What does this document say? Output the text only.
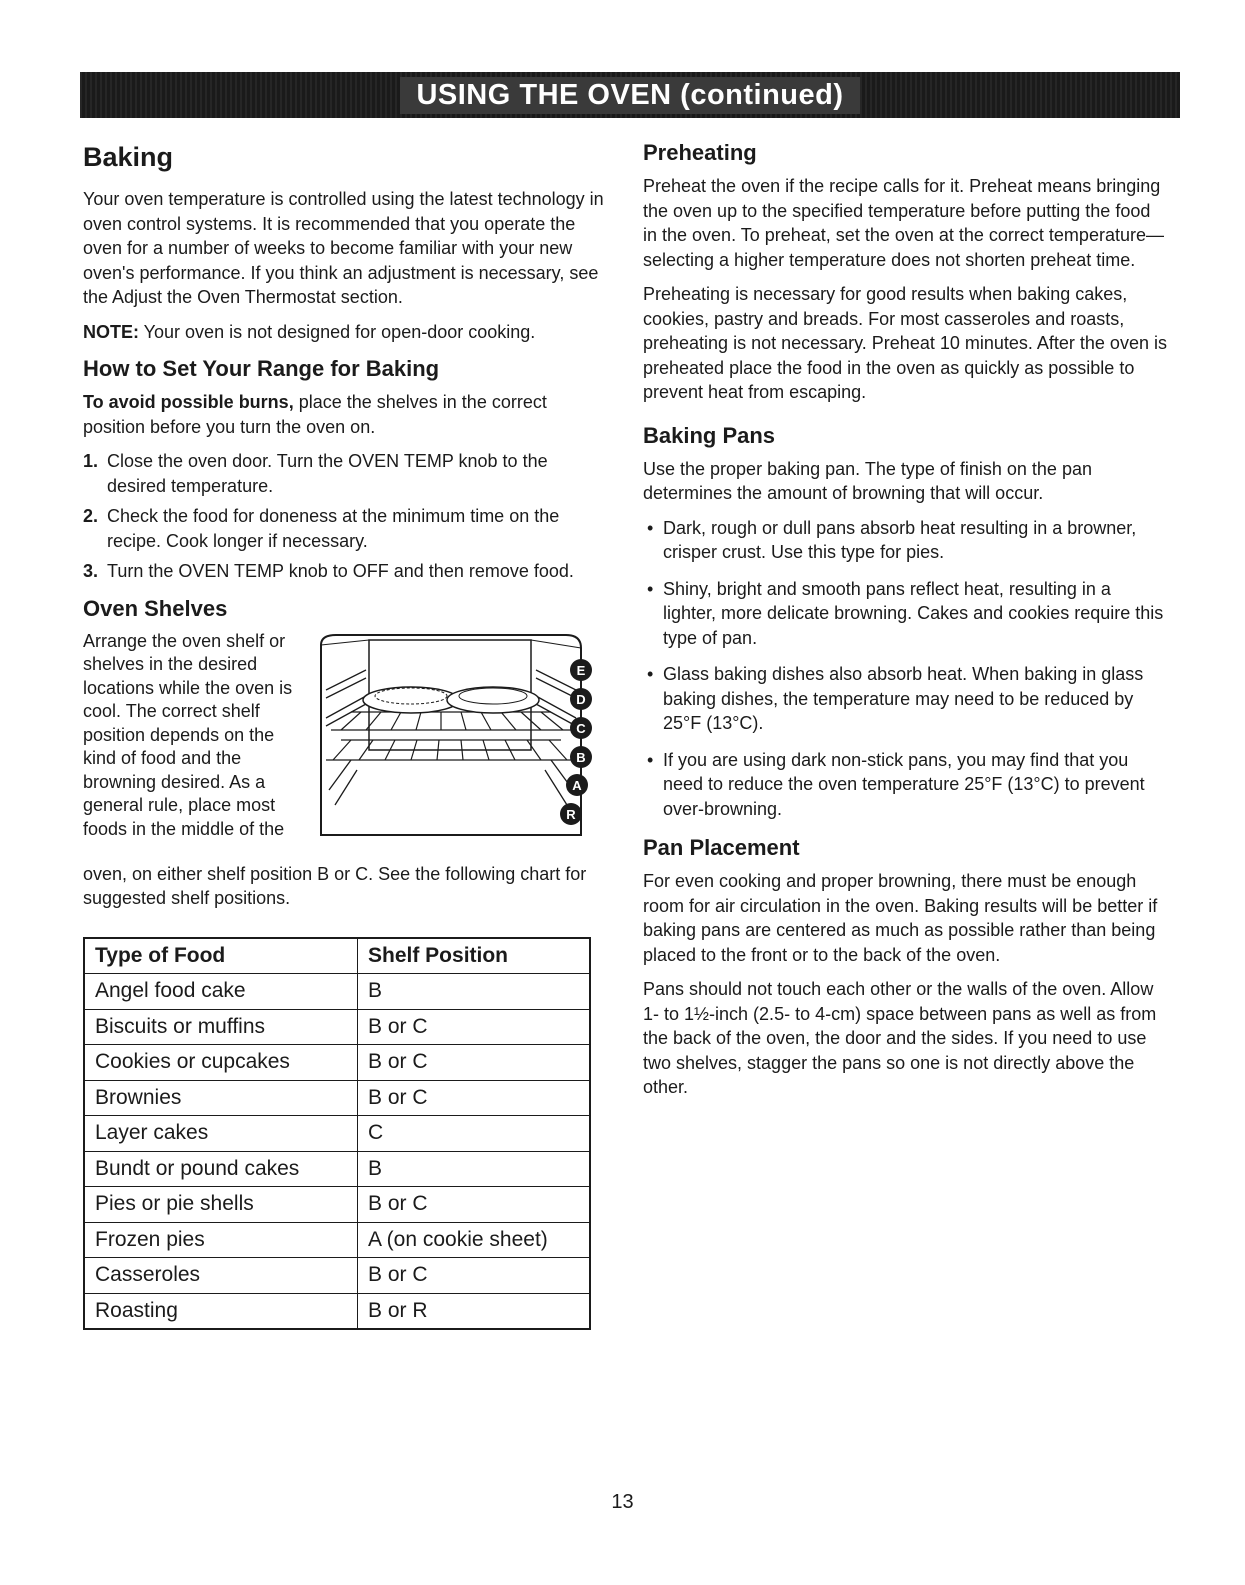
USING THE OVEN (continued)
Baking

Your oven temperature is controlled using the latest technology in oven control systems. It is recommended that you operate the oven for a number of weeks to become familiar with your new oven's performance. If you think an adjustment is necessary, see the Adjust the Oven Thermostat section.

NOTE: Your oven is not designed for open-door cooking.

How to Set Your Range for Baking

To avoid possible burns, place the shelves in the correct position before you turn the oven on.

1. Close the oven door. Turn the OVEN TEMP knob to the desired temperature.
2. Check the food for doneness at the minimum time on the recipe. Cook longer if necessary.
3. Turn the OVEN TEMP knob to OFF and then remove food.
Oven Shelves
Arrange the oven shelf or shelves in the desired locations while the oven is cool. The correct shelf position depends on the kind of food and the browning desired. As a general rule, place most foods in the middle of the
E
D
C
B
A
R
oven, on either shelf position B or C. See the following chart for suggested shelf positions.
Type of Food	Shelf Position
Angel food cake	B
Biscuits or muffins	B or C
Cookies or cupcakes	B or C
Brownies	B or C
Layer cakes	C
Bundt or pound cakes	B
Pies or pie shells	B or C
Frozen pies	A (on cookie sheet)
Casseroles	B or C
Roasting	B or R
Preheating

Preheat the oven if the recipe calls for it. Preheat means bringing the oven up to the specified temperature before putting the food in the oven. To preheat, set the oven at the correct temperature—selecting a higher temperature does not shorten preheat time.

Preheating is necessary for good results when baking cakes, cookies, pastry and breads. For most casseroles and roasts, preheating is not necessary. Preheat 10 minutes. After the oven is preheated place the food in the oven as quickly as possible to prevent heat from escaping.

Baking Pans

Use the proper baking pan. The type of finish on the pan determines the amount of browning that will occur.

• Dark, rough or dull pans absorb heat resulting in a browner, crisper crust. Use this type for pies.
• Shiny, bright and smooth pans reflect heat, resulting in a lighter, more delicate browning. Cakes and cookies require this type of pan.
• Glass baking dishes also absorb heat. When baking in glass baking dishes, the temperature may need to be reduced by 25°F (13°C).
• If you are using dark non-stick pans, you may find that you need to reduce the oven temperature 25°F (13°C) to prevent over-browning.
Pan Placement

For even cooking and proper browning, there must be enough room for air circulation in the oven. Baking results will be better if baking pans are centered as much as possible rather than being placed to the front or to the back of the oven.

Pans should not touch each other or the walls of the oven. Allow 1- to 1½-inch (2.5- to 4-cm) space between pans as well as from the back of the oven, the door and the sides. If you need to use two shelves, stagger the pans so one is not directly above the other.

13
